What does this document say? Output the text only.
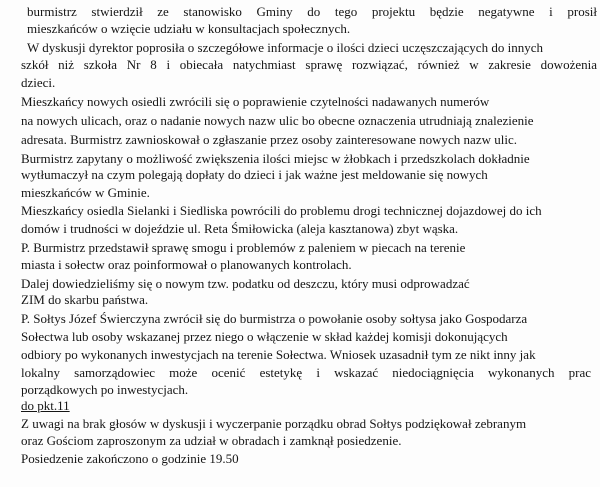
burmistrz stwierdził ze stanowisko Gminy do tego projektu będzie negatywne i prosił

mieszkańców o wzięcie udziału w konsultacjach społecznych.

W dyskusji dyrektor poprosiła o szczegółowe informacje o ilości dzieci uczęszczających do innych

szkół niż szkoła Nr 8 i obiecała natychmiast sprawę rozwiązać, również w zakresie dowożenia

dzieci.

Mieszkańcy nowych osiedli zwrócili się o poprawienie czytelności nadawanych numerów

na nowych ulicach, oraz o nadanie nowych nazw ulic bo obecne oznaczenia utrudniają znalezienie

adresata. Burmistrz zawnioskował o zgłaszanie przez osoby zainteresowane nowych nazw ulic.

Burmistrz zapytany o możliwość zwiększenia ilości miejsc w żłobkach i przedszkolach dokładnie

wytłumaczył na czym polegają dopłaty do dzieci i jak ważne jest meldowanie się nowych

mieszkańców w Gminie.

Mieszkańcy osiedla Sielanki i Siedliska powrócili do problemu drogi technicznej dojazdowej do ich

domów i trudności w dojeździe ul. Reta Śmiłowicka (aleja kasztanowa) zbyt wąska.

P. Burmistrz przedstawił sprawę smogu i problemów z paleniem w piecach na terenie

miasta i sołectw oraz poinformował o planowanych kontrolach.

Dalej dowiedzieliśmy się o nowym tzw. podatku od deszczu, który musi odprowadzać

ZIM do skarbu państwa.

P. Sołtys Józef Świerczyna zwrócił się do burmistrza o powołanie osoby sołtysa jako Gospodarza

Sołectwa lub osoby wskazanej przez niego o włączenie w skład każdej komisji dokonujących

odbiory po wykonanych inwestycjach na terenie Sołectwa. Wniosek uzasadnił tym ze nikt inny jak

lokalny samorządowiec może ocenić estetykę i wskazać niedociągnięcia wykonanych prac

porządkowych po inwestycjach.

do pkt.11

Z uwagi na brak głosów w dyskusji i wyczerpanie porządku obrad Sołtys podziękował zebranym

oraz Gościom zaproszonym za udział w obradach i zamknął posiedzenie.

Posiedzenie zakończono o godzinie 19.50
